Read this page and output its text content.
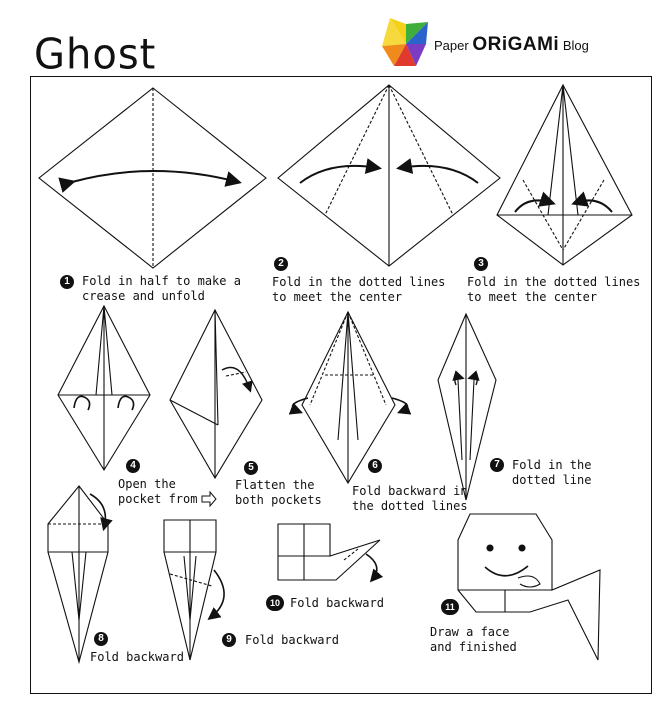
Ghost	Paper ORiGAMi Blog
1	Fold in half to make a
crease and unfold
2
Fold in the dotted lines
to meet the center
3
Fold in the dotted lines
to meet the center
4
Open the
pocket from
5
Flatten the
both pockets
6
Fold backward in
the dotted lines
7	Fold in the
dotted line
8
Fold backward
9	Fold backward
10 Fold backward	11
Draw a face
and finished
